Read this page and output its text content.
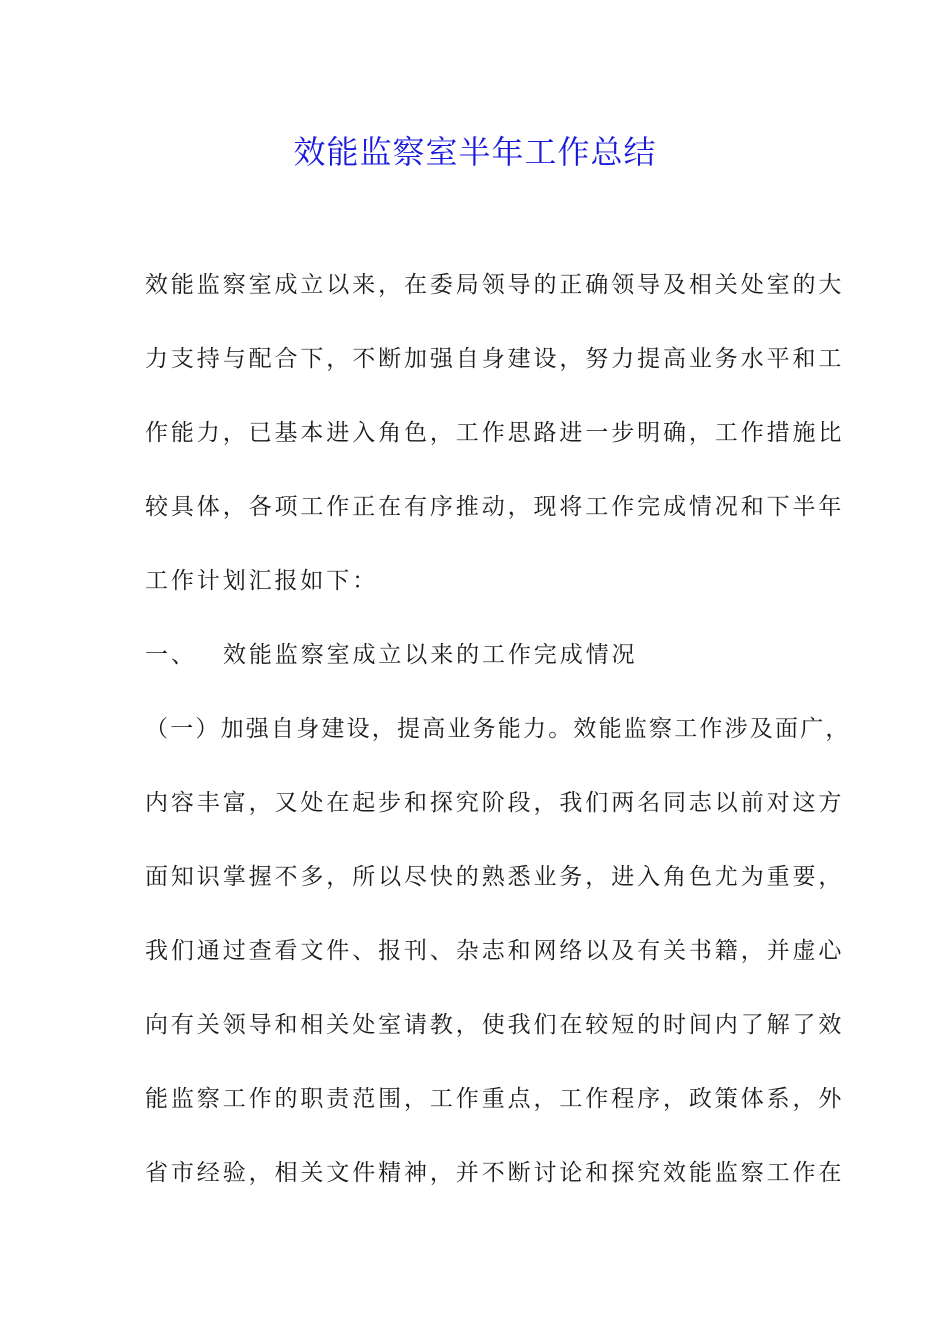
效能监察室半年工作总结
效能监察室成立以来，在委局领导的正确领导及相关处室的大
力支持与配合下，不断加强自身建设，努力提高业务水平和工
作能力，已基本进入角色，工作思路进一步明确，工作措施比
较具体，各项工作正在有序推动，现将工作完成情况和下半年
工作计划汇报如下：
一、 效能监察室成立以来的工作完成情况
（一）加强自身建设，提高业务能力。效能监察工作涉及面广，
内容丰富，又处在起步和探究阶段，我们两名同志以前对这方
面知识掌握不多，所以尽快的熟悉业务，进入角色尤为重要，
我们通过查看文件、报刊、杂志和网络以及有关书籍，并虚心
向有关领导和相关处室请教，使我们在较短的时间内了解了效
能监察工作的职责范围，工作重点，工作程序，政策体系，外
省市经验，相关文件精神，并不断讨论和探究效能监察工作在
